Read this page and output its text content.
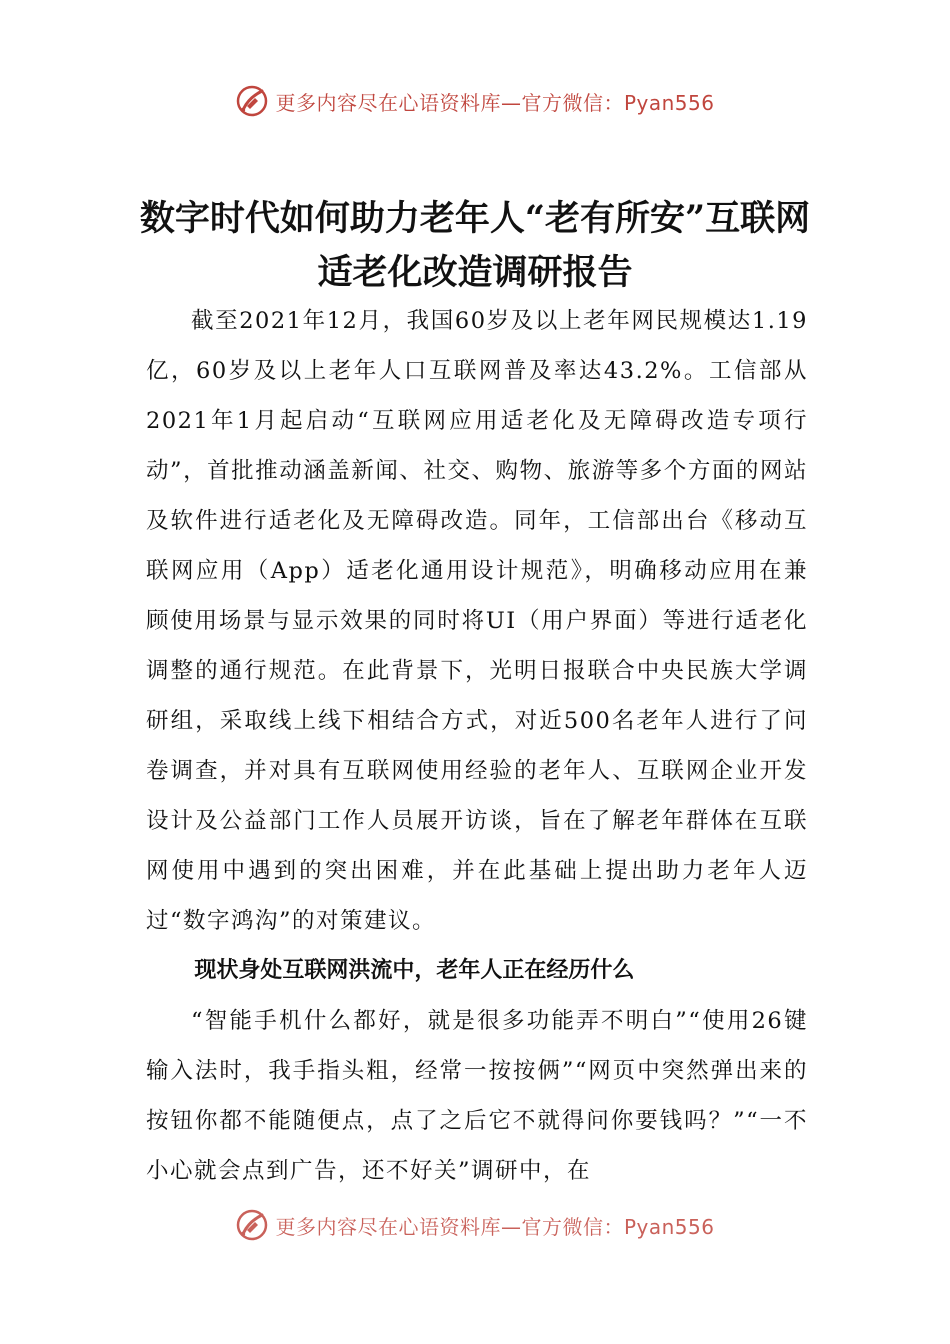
更多内容尽在心语资料库—官方微信：Pyan556
数字时代如何助力老年人“老有所安”互联网适老化改造调研报告

截至2021年12月，我国60岁及以上老年网民规模达1.19亿，60岁及以上老年人口互联网普及率达43.2%。工信部从2021年1月起启动“互联网应用适老化及无障碍改造专项行动”，首批推动涵盖新闻、社交、购物、旅游等多个方面的网站及软件进行适老化及无障碍改造。同年，工信部出台《移动互联网应用（App）适老化通用设计规范》，明确移动应用在兼顾使用场景与显示效果的同时将UI（用户界面）等进行适老化调整的通行规范。在此背景下，光明日报联合中央民族大学调研组，采取线上线下相结合方式，对近500名老年人进行了问卷调查，并对具有互联网使用经验的老年人、互联网企业开发设计及公益部门工作人员展开访谈，旨在了解老年群体在互联网使用中遇到的突出困难，并在此基础上提出助力老年人迈过“数字鸿沟”的对策建议。

现状身处互联网洪流中，老年人正在经历什么

“智能手机什么都好，就是很多功能弄不明白”“使用26键输入法时，我手指头粗，经常一按按俩”“网页中突然弹出来的按钮你都不能随便点，点了之后它不就得问你要钱吗？”“一不小心就会点到广告，还不好关”调研中，在

更多内容尽在心语资料库—官方微信：Pyan556
